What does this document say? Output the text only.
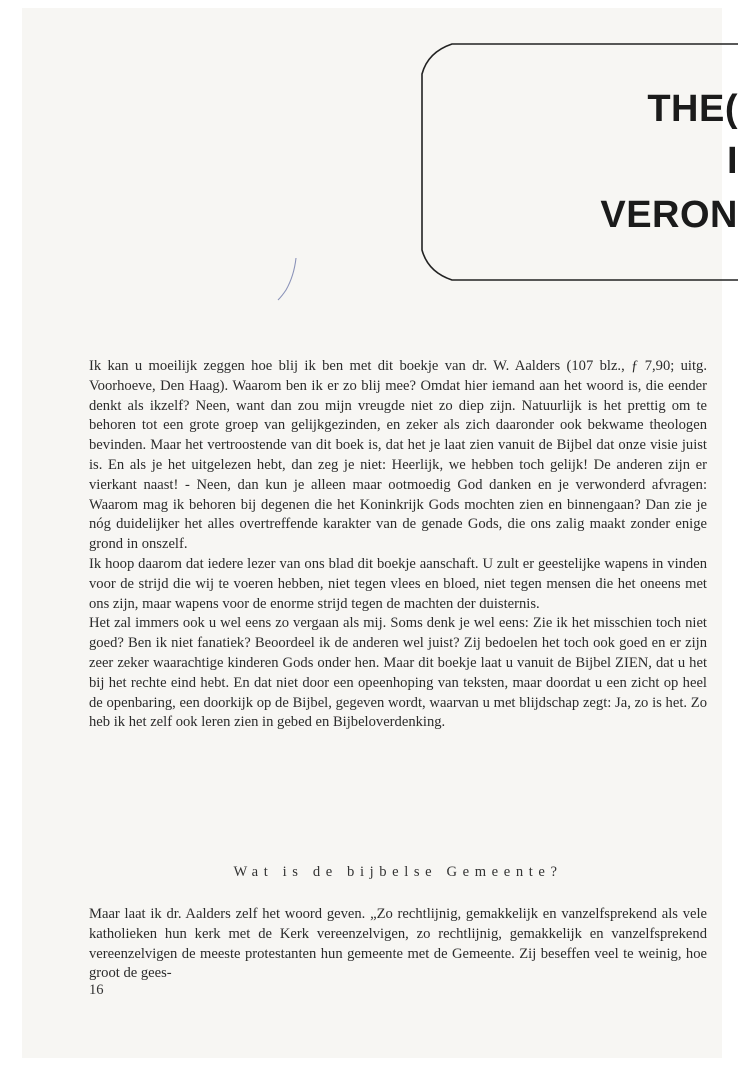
THE(
I
VERON

Ik kan u moeilijk zeggen hoe blij ik ben met dit boekje van dr. W. Aalders (107 blz., ƒ 7,90; uitg. Voorhoeve, Den Haag). Waarom ben ik er zo blij mee? Omdat hier iemand aan het woord is, die eender denkt als ikzelf? Neen, want dan zou mijn vreugde niet zo diep zijn. Natuurlijk is het prettig om te behoren tot een grote groep van gelijkgezinden, en zeker als zich daaronder ook bekwame theologen bevinden. Maar het vertroostende van dit boek is, dat het je laat zien vanuit de Bijbel dat onze visie juist is. En als je het uitgelezen hebt, dan zeg je niet: Heerlijk, we hebben toch gelijk! De anderen zijn er vierkant naast! - Neen, dan kun je alleen maar ootmoedig God danken en je verwonderd afvragen: Waarom mag ik behoren bij degenen die het Koninkrijk Gods mochten zien en binnengaan? Dan zie je nóg duidelijker het alles overtreffende karakter van de genade Gods, die ons zalig maakt zonder enige grond in onszelf.

Ik hoop daarom dat iedere lezer van ons blad dit boekje aanschaft. U zult er geestelijke wapens in vinden voor de strijd die wij te voeren hebben, niet tegen vlees en bloed, niet tegen mensen die het oneens met ons zijn, maar wapens voor de enorme strijd tegen de machten der duisternis.

Het zal immers ook u wel eens zo vergaan als mij. Soms denk je wel eens: Zie ik het misschien toch niet goed? Ben ik niet fanatiek? Beoordeel ik de anderen wel juist? Zij bedoelen het toch ook goed en er zijn zeer zeker waarachtige kinderen Gods onder hen. Maar dit boekje laat u vanuit de Bijbel ZIEN, dat u het bij het rechte eind hebt. En dat niet door een opeenhoping van teksten, maar doordat u een zicht op heel de openbaring, een doorkijk op de Bijbel, gegeven wordt, waarvan u met blijdschap zegt: Ja, zo is het. Zo heb ik het zelf ook leren zien in gebed en Bijbeloverdenking.

Wat is de bijbelse Gemeente?
Maar laat ik dr. Aalders zelf het woord geven. „Zo rechtlijnig, gemakkelijk en vanzelfsprekend als vele katholieken hun kerk met de Kerk vereenzelvigen, zo rechtlijnig, gemakkelijk en vanzelfsprekend vereenzelvigen de meeste protestanten hun gemeente met de Gemeente. Zij beseffen veel te weinig, hoe groot de gees-
16
